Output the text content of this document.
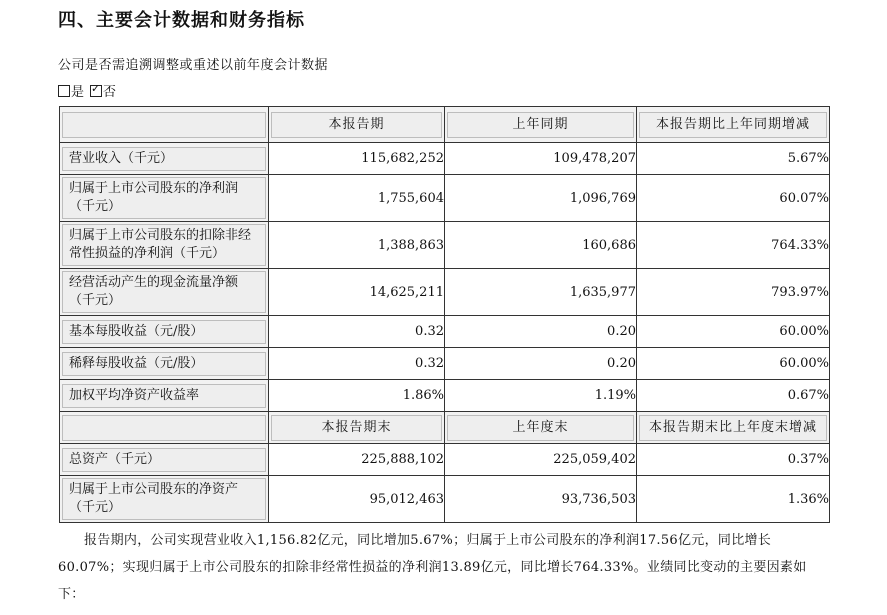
四、主要会计数据和财务指标
公司是否需追溯调整或重述以前年度会计数据
是 ✓ 否

	本报告期	上年同期	本报告期比上年同期增减

营业收入（千元）	115,682,252	109,478,207	5.67%

归属于上市公司股东的净利润（千元）	1,755,604	1,096,769	60.07%

归属于上市公司股东的扣除非经常性损益的净利润（千元）	1,388,863	160,686	764.33%

经营活动产生的现金流量净额（千元）	14,625,211	1,635,977	793.97%

基本每股收益（元/股）	0.32	0.20	60.00%

稀释每股收益（元/股）	0.32	0.20	60.00%

加权平均净资产收益率	1.86%	1.19%	0.67%

	本报告期末	上年度末	本报告期末比上年度末增减

总资产（千元）	225,888,102	225,059,402	0.37%

归属于上市公司股东的净资产（千元）	95,012,463	93,736,503	1.36%
报告期内，公司实现营业收入1,156.82亿元，同比增加5.67%；归属于上市公司股东的净利润17.56亿元，同比增长60.07%；实现归属于上市公司股东的扣除非经常性损益的净利润13.89亿元，同比增长764.33%。业绩同比变动的主要因素如下：
